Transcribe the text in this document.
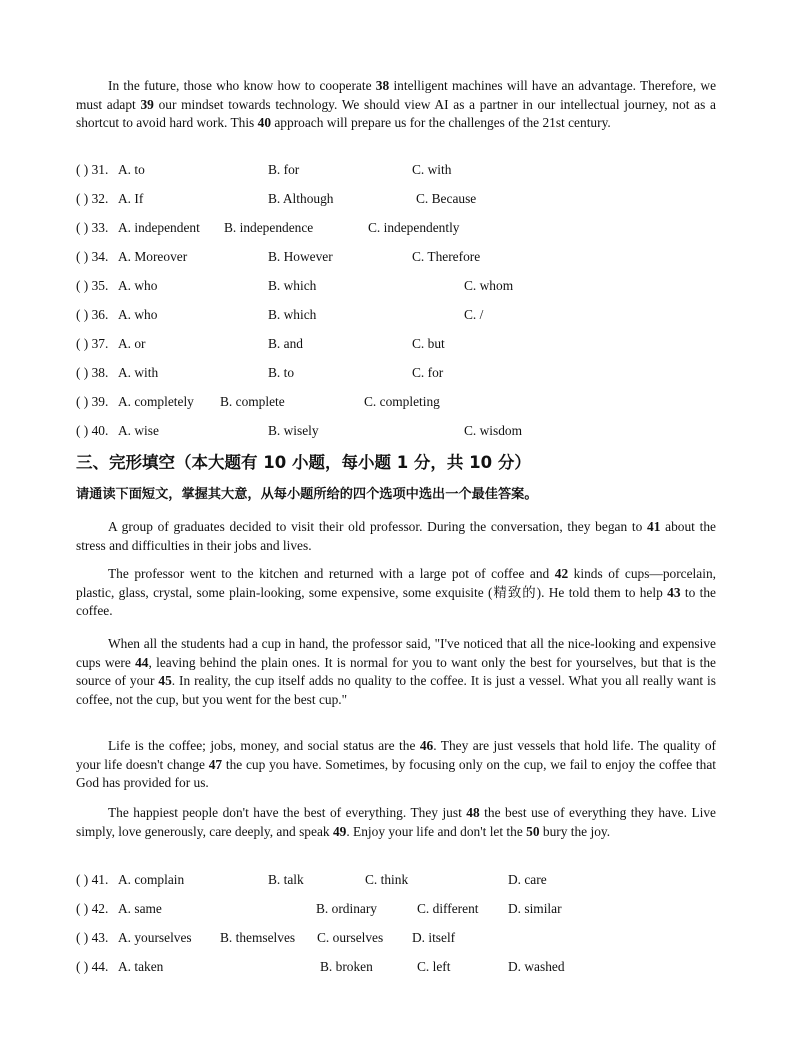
In the future, those who know how to cooperate 38 intelligent machines will have an advantage. Therefore, we must adapt 39 our mindset towards technology. We should view AI as a partner in our intellectual journey, not as a shortcut to avoid hard work. This 40 approach will prepare us for the challenges of the 21st century.

( ) 31. A. to	B. for	C. with
( ) 32. A. If	B. Although	C. Because
( ) 33. A. independent B. independence	C. independently
( ) 34. A. Moreover	B. However	C. Therefore
( ) 35. A. who	B. which	C. whom
( ) 36. A. who	B. which	C. /
( ) 37. A. or	B. and	C. but
( ) 38. A. with	B. to	C. for
( ) 39. A. completely B. complete	C. completing
( ) 40. A. wise	B. wisely	C. wisdom
三、完形填空（本大题有 10 小题，每小题 1 分，共 10 分）
请通读下面短文，掌握其大意，从每小题所给的四个选项中选出一个最佳答案。

A group of graduates decided to visit their old professor. During the conversation, they began to 41 about the stress and difficulties in their jobs and lives.

The professor went to the kitchen and returned with a large pot of coffee and 42 kinds of cups—porcelain, plastic, glass, crystal, some plain-looking, some expensive, some exquisite (精致的). He told them to help 43 to the coffee.

When all the students had a cup in hand, the professor said, "I've noticed that all the nice-looking and expensive cups were 44, leaving behind the plain ones. It is normal for you to want only the best for yourselves, but that is the source of your 45. In reality, the cup itself adds no quality to the coffee. It is just a vessel. What you all really want is coffee, not the cup, but you went for the best cup."

Life is the coffee; jobs, money, and social status are the 46. They are just vessels that hold life. The quality of your life doesn't change 47 the cup you have. Sometimes, by focusing only on the cup, we fail to enjoy the coffee that God has provided for us.

The happiest people don't have the best of everything. They just 48 the best use of everything they have. Live simply, love generously, care deeply, and speak 49. Enjoy your life and don't let the 50 bury the joy.

( ) 41. A. complain	B. talk	C. think	D. care
( ) 42. A. same	B. ordinary	C. different D. similar
( ) 43. A. yourselves B. themselves C. ourselves D. itself
( ) 44. A. taken	B. broken	C. left	D. washed
